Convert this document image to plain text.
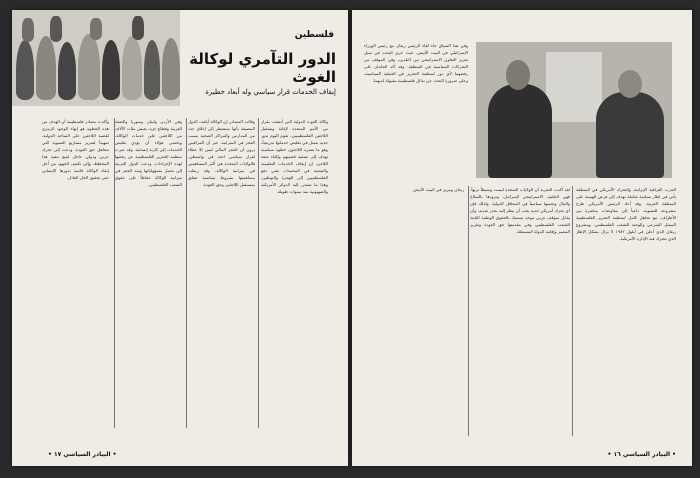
فلسطين
الدور التآمري لوكالة الغوث
إيقاف الخدمات قرار سياسي وله أبعاد خطيرة
وكالة الغوث الدولية التي أنشئت بقرار من الأمم المتحدة لإغاثة وتشغيل اللاجئين الفلسطينيين، تقوم اليوم بدور جديد يتمثل في تقليص خدماتها تدريجياً، وهو ما يعتبره اللاجئون خطوة سياسية تهدف إلى تصفية قضيتهم وإلغاء صفة اللاجئ. إن إيقاف الخدمات التعليمية والصحية في المخيمات يعني دفع الفلسطينيين إلى الهجرة والتوطين، وهذا ما تسعى إليه الدوائر الأمريكية والصهيونية منذ سنوات طويلة.
وقالت المصادر إن الوكالة أبلغت الدول المضيفة بأنها ستضطر إلى إغلاق عدد من المدارس والمراكز الصحية بسبب العجز في الميزانية، غير أن المراقبين يرون أن العجز المالي ليس إلا غطاء لقرار سياسي اتخذ في واشنطن. فالولايات المتحدة هي أكبر المساهمين في ميزانية الوكالة، وقد ربطت مساهمتها بشروط سياسية تتعلق بمستقبل اللاجئين وحق العودة.
وفي الأردن ولبنان وسوريا والضفة الغربية وقطاع غزة، يعيش مئات الآلاف من اللاجئين على خدمات الوكالة، ويخشى هؤلاء أن يؤدي تقليص الخدمات إلى كارثة إنسانية. وقد عبرت منظمة التحرير الفلسطينية عن رفضها لهذه الإجراءات، ودعت الدول العربية إلى تحمل مسؤولياتها وسد العجز في ميزانية الوكالة حفاظاً على حقوق الشعب الفلسطيني.
وأكدت مصادر فلسطينية أن الهدف من هذه الخطوة هو إنهاء الوجود الرمزي لقضية اللاجئين على الساحة الدولية، تمهيداً لتمرير مشاريع التسوية التي تتجاهل حق العودة. ودعت إلى تحرك عربي ودولي عاجل لمنع تنفيذ هذا المخطط، وإلى تكثيف الجهود من أجل إبقاء الوكالة قائمة بدورها الإنساني حتى تحقيق الحل العادل.
• البيادر السياسي ١٧ •
وفي هذا السياق جاء لقاء الرئيس ريغان مع رئيس الوزراء الإسرائيلي في البيت الأبيض، حيث جرى البحث في سبل تعزيز التعاون الاستراتيجي بين البلدين، وفي الموقف من التحركات السياسية في المنطقة. وقد أكد الجانبان على رفضهما لأي دور لمنظمة التحرير في العملية السياسية، وعلى ضرورة البحث عن بدائل فلسطينية مقبولة لديهما.
الحرب العراقية الإيرانية، والتحرك الأمريكي في المنطقة يأتي في إطار سياسة شاملة تهدف إلى فرض الهيمنة على المنطقة العربية. وقد أعاد الرئيس الأمريكي طرح مشروعه للتسوية، داعياً إلى مفاوضات مباشرة بين الأطراف، مع تجاهل كامل لمنظمة التحرير الفلسطينية الممثل الشرعي والوحيد للشعب الفلسطيني. ومشروع ريغان الذي أعلن في أيلول ١٩٨٢ لا يزال يشكل الإطار الذي تتحرك فيه الإدارة الأمريكية.
لقد أكدت التجربة أن الولايات المتحدة ليست وسيطاً نزيهاً، فهي الحليف الاستراتيجي لإسرائيل، وتزودها بالسلاح والمال وتحميها سياسياً في المحافل الدولية. ولذلك فإن أي تحرك أمريكي جديد يجب أن ينظر إليه بحذر شديد، وأن يقابل بموقف عربي موحد يتمسك بالحقوق الوطنية الثابتة للشعب الفلسطيني وفي مقدمتها حق العودة وتقرير المصير وإقامة الدولة المستقلة.
ريغان وبيريز في البيت الأبيض
• البيادر السياسي ١٦ •
